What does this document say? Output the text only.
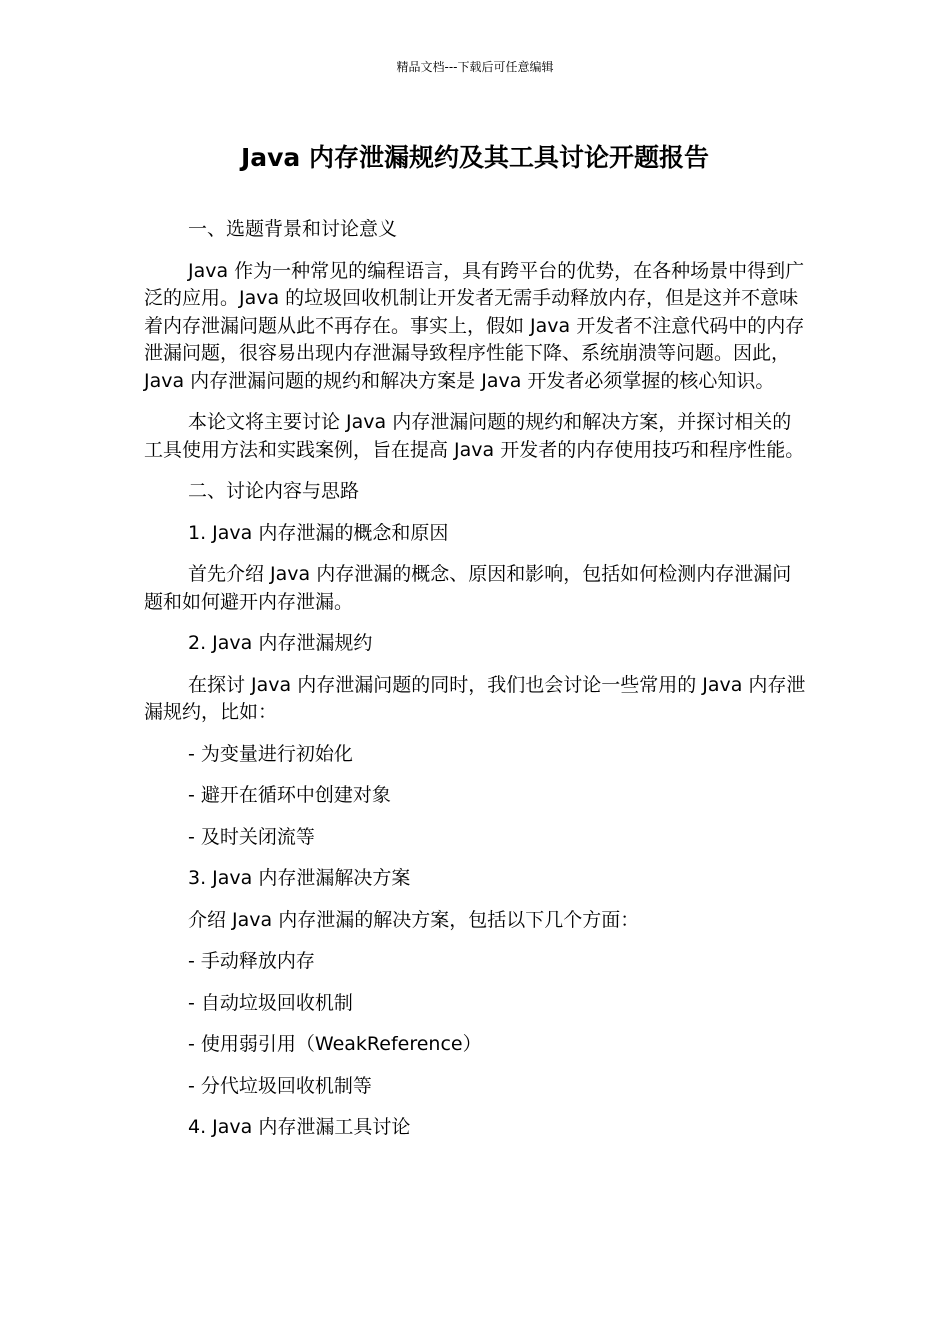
精品文档---下载后可任意编辑
Java 内存泄漏规约及其工具讨论开题报告

一、选题背景和讨论意义

Java 作为一种常见的编程语言，具有跨平台的优势，在各种场景中得到广泛的应用。Java 的垃圾回收机制让开发者无需手动释放内存，但是这并不意味着内存泄漏问题从此不再存在。事实上，假如 Java 开发者不注意代码中的内存泄漏问题，很容易出现内存泄漏导致程序性能下降、系统崩溃等问题。因此，Java 内存泄漏问题的规约和解决方案是 Java 开发者必须掌握的核心知识。

本论文将主要讨论 Java 内存泄漏问题的规约和解决方案，并探讨相关的工具使用方法和实践案例，旨在提高 Java 开发者的内存使用技巧和程序性能。

二、讨论内容与思路

1. Java 内存泄漏的概念和原因

首先介绍 Java 内存泄漏的概念、原因和影响，包括如何检测内存泄漏问题和如何避开内存泄漏。

2. Java 内存泄漏规约

在探讨 Java 内存泄漏问题的同时，我们也会讨论一些常用的 Java 内存泄漏规约，比如：

- 为变量进行初始化

- 避开在循环中创建对象

- 及时关闭流等

3. Java 内存泄漏解决方案

介绍 Java 内存泄漏的解决方案，包括以下几个方面：

- 手动释放内存

- 自动垃圾回收机制

- 使用弱引用（WeakReference）

- 分代垃圾回收机制等

4. Java 内存泄漏工具讨论
